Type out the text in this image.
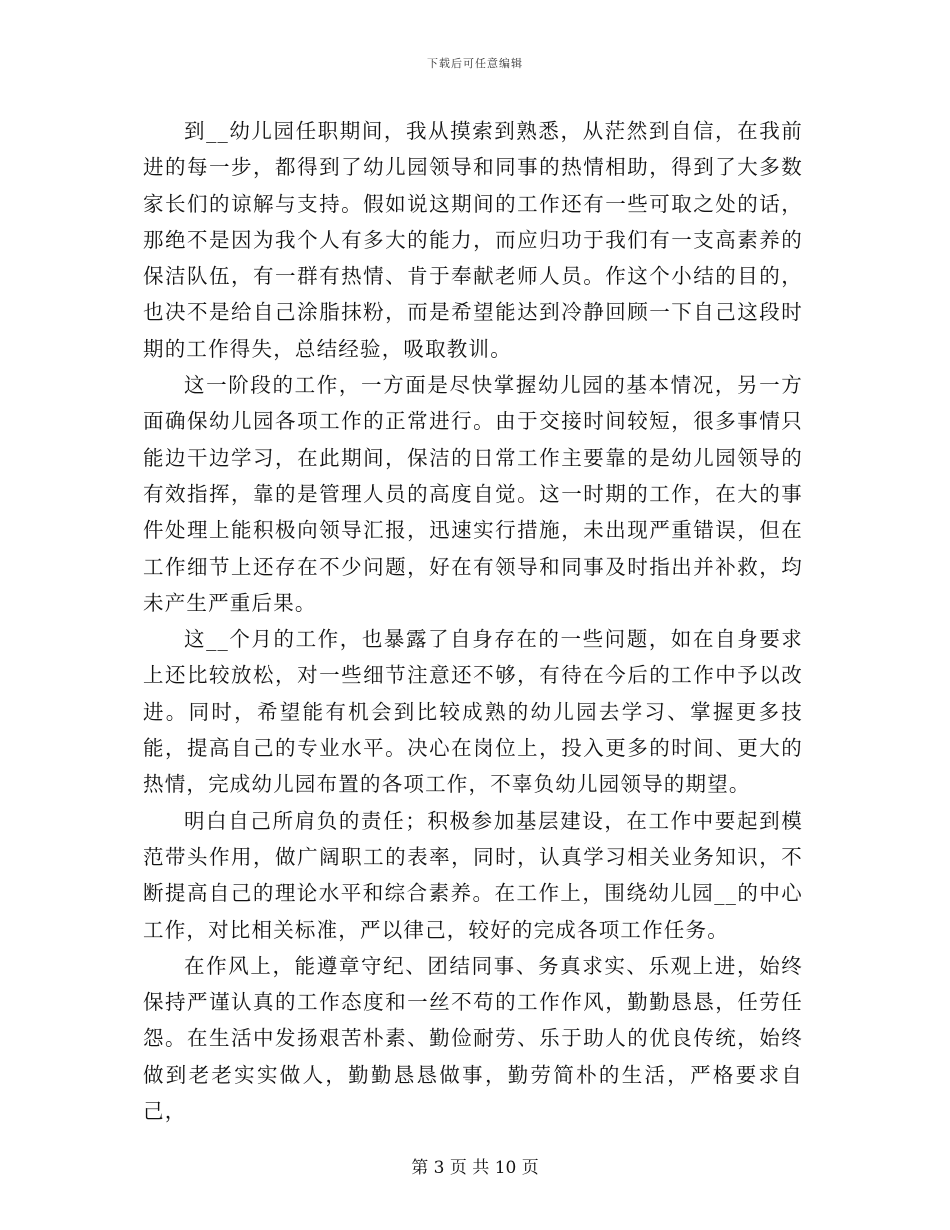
下载后可任意编辑

到__幼儿园任职期间，我从摸索到熟悉，从茫然到自信，在我前进的每一步，都得到了幼儿园领导和同事的热情相助，得到了大多数家长们的谅解与支持。假如说这期间的工作还有一些可取之处的话，那绝不是因为我个人有多大的能力，而应归功于我们有一支高素养的保洁队伍，有一群有热情、肯于奉献老师人员。作这个小结的目的，也决不是给自己涂脂抹粉，而是希望能达到冷静回顾一下自己这段时期的工作得失，总结经验，吸取教训。

这一阶段的工作，一方面是尽快掌握幼儿园的基本情况，另一方面确保幼儿园各项工作的正常进行。由于交接时间较短，很多事情只能边干边学习，在此期间，保洁的日常工作主要靠的是幼儿园领导的有效指挥，靠的是管理人员的高度自觉。这一时期的工作，在大的事件处理上能积极向领导汇报，迅速实行措施，未出现严重错误，但在工作细节上还存在不少问题，好在有领导和同事及时指出并补救，均未产生严重后果。

这__个月的工作，也暴露了自身存在的一些问题，如在自身要求上还比较放松，对一些细节注意还不够，有待在今后的工作中予以改进。同时，希望能有机会到比较成熟的幼儿园去学习、掌握更多技能，提高自己的专业水平。决心在岗位上，投入更多的时间、更大的热情，完成幼儿园布置的各项工作，不辜负幼儿园领导的期望。

明白自己所肩负的责任；积极参加基层建设，在工作中要起到模范带头作用，做广阔职工的表率，同时，认真学习相关业务知识，不断提高自己的理论水平和综合素养。在工作上，围绕幼儿园__的中心工作，对比相关标准，严以律己，较好的完成各项工作任务。

在作风上，能遵章守纪、团结同事、务真求实、乐观上进，始终保持严谨认真的工作态度和一丝不苟的工作作风，勤勤恳恳，任劳任怨。在生活中发扬艰苦朴素、勤俭耐劳、乐于助人的优良传统，始终做到老老实实做人，勤勤恳恳做事，勤劳简朴的生活，严格要求自己，

第 3 页 共 10 页
